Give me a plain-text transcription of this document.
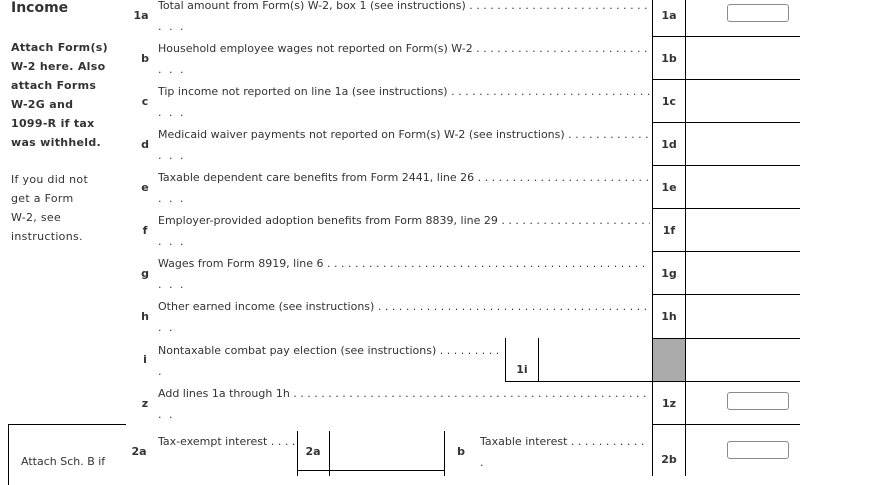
Income
Attach Form(s)
W-2 here. Also
attach Forms
W-2G and
1099-R if tax
was withheld.
If you did not
get a Form
W-2, see
instructions.
Attach Sch. B if
1a
b
c
d
e
f
g
h
i
z
2a
Total amount from Form(s) W-2, box 1 (see instructions) . . .
. . .
Household employee wages not reported on Form(s) W-2 . . .
. . .
Tip income not reported on line 1a (see instructions) . . .
. . .
Medicaid waiver payments not reported on Form(s) W-2 (see instructions) . . .
. . .
Taxable dependent care benefits from Form 2441, line 26 . . .
. . .
Employer-provided adoption benefits from Form 8839, line 29 . . .
. . .
Wages from Form 8919, line 6 . . .
. . .
Other earned income (see instructions) . . .
. .
Nontaxable combat pay election (see instructions) . . .
.
Add lines 1a through 1h . . .
. .
Tax-exempt interest . . .
b
Taxable interest . . .
.
1i
2a
1a
1b
1c
1d
1e
1f
1g
1h
1z
2b
